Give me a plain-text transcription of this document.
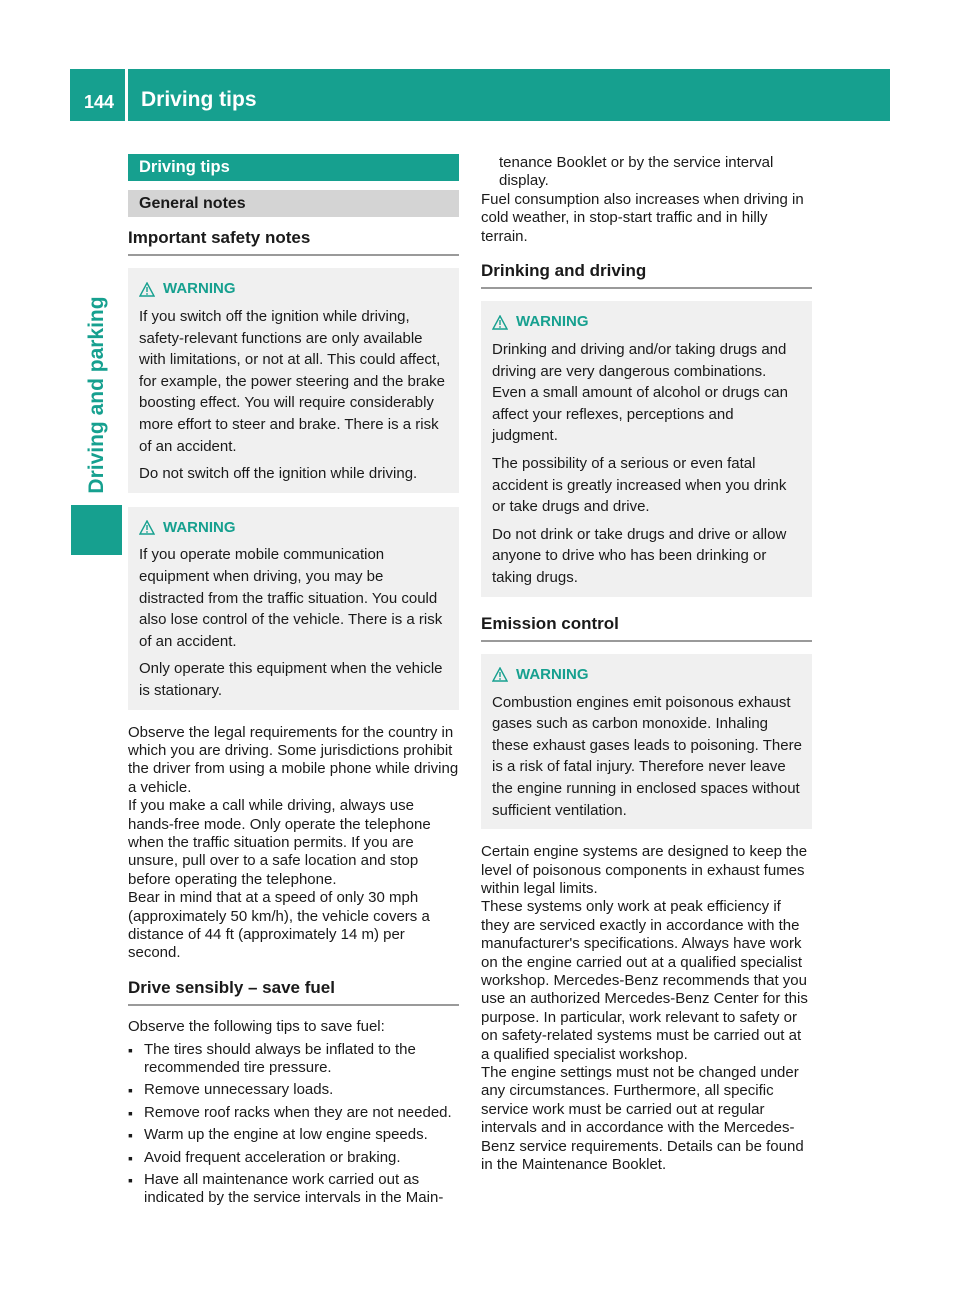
144 Driving tips
Driving and parking
Driving tips
General notes
Important safety notes
WARNING

If you switch off the ignition while driving, safety-relevant functions are only available with limitations, or not at all. This could affect, for example, the power steering and the brake boosting effect. You will require considerably more effort to steer and brake. There is a risk of an accident.

Do not switch off the ignition while driving.

WARNING

If you operate mobile communication equipment when driving, you may be distracted from the traffic situation. You could also lose control of the vehicle. There is a risk of an accident.

Only operate this equipment when the vehicle is stationary.

Observe the legal requirements for the country in which you are driving. Some jurisdictions prohibit the driver from using a mobile phone while driving a vehicle.

If you make a call while driving, always use hands-free mode. Only operate the telephone when the traffic situation permits. If you are unsure, pull over to a safe location and stop before operating the telephone.

Bear in mind that at a speed of only 30 mph (approximately 50 km/h), the vehicle covers a distance of 44 ft (approximately 14 m) per second.

Drive sensibly – save fuel

Observe the following tips to save fuel:

▪ The tires should always be inflated to the recommended tire pressure.
▪ Remove unnecessary loads.
▪ Remove roof racks when they are not needed.
▪ Warm up the engine at low engine speeds.
▪ Avoid frequent acceleration or braking.
▪ Have all maintenance work carried out as indicated by the service intervals in the Main-

tenance Booklet or by the service interval display.

Fuel consumption also increases when driving in cold weather, in stop-start traffic and in hilly terrain.

Drinking and driving
WARNING

Drinking and driving and/or taking drugs and driving are very dangerous combinations. Even a small amount of alcohol or drugs can affect your reflexes, perceptions and judgment.

The possibility of a serious or even fatal accident is greatly increased when you drink or take drugs and drive.

Do not drink or take drugs and drive or allow anyone to drive who has been drinking or taking drugs.

Emission control
WARNING

Combustion engines emit poisonous exhaust gases such as carbon monoxide. Inhaling these exhaust gases leads to poisoning. There is a risk of fatal injury. Therefore never leave the engine running in enclosed spaces without sufficient ventilation.

Certain engine systems are designed to keep the level of poisonous components in exhaust fumes within legal limits.

These systems only work at peak efficiency if they are serviced exactly in accordance with the manufacturer's specifications. Always have work on the engine carried out at a qualified specialist workshop. Mercedes-Benz recommends that you use an authorized Mercedes-Benz Center for this purpose. In particular, work relevant to safety or on safety-related systems must be carried out at a qualified specialist workshop.

The engine settings must not be changed under any circumstances. Furthermore, all specific service work must be carried out at regular intervals and in accordance with the Mercedes-Benz service requirements. Details can be found in the Maintenance Booklet.
